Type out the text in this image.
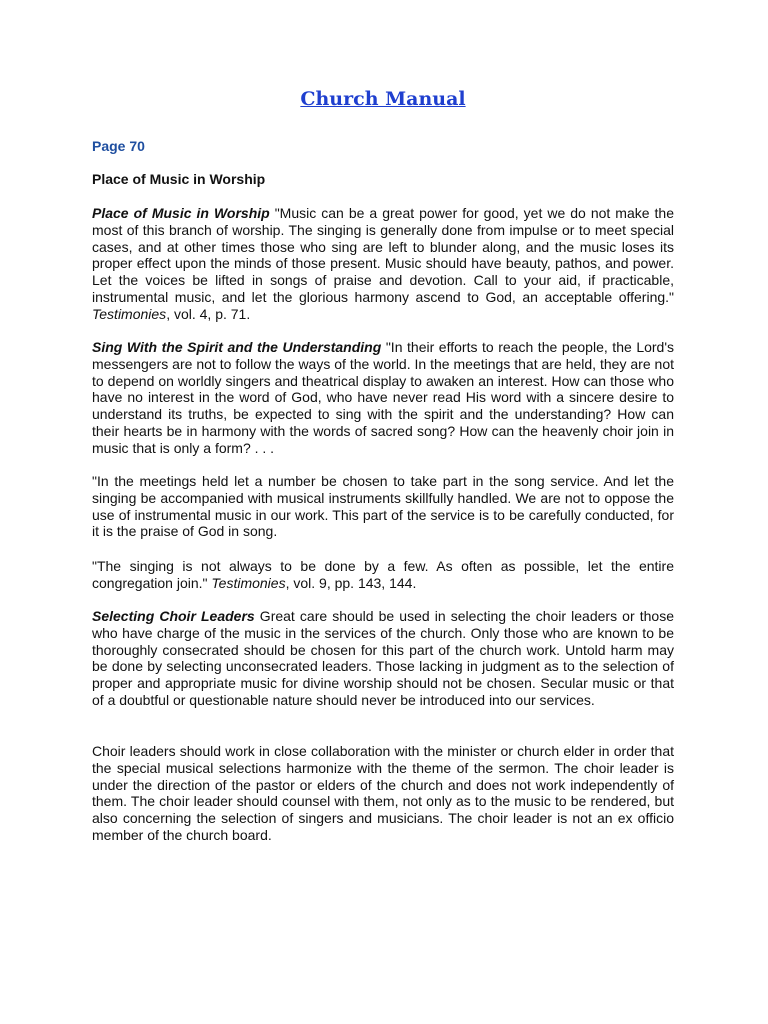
Church Manual

Page 70

Place of Music in Worship

Place of Music in Worship "Music can be a great power for good, yet we do not make the most of this branch of worship. The singing is generally done from impulse or to meet special cases, and at other times those who sing are left to blunder along, and the music loses its proper effect upon the minds of those present. Music should have beauty, pathos, and power. Let the voices be lifted in songs of praise and devotion. Call to your aid, if practicable, instrumental music, and let the glorious harmony ascend to God, an acceptable offering." Testimonies, vol. 4, p. 71.

Sing With the Spirit and the Understanding "In their efforts to reach the people, the Lord's messengers are not to follow the ways of the world. In the meetings that are held, they are not to depend on worldly singers and theatrical display to awaken an interest. How can those who have no interest in the word of God, who have never read His word with a sincere desire to understand its truths, be expected to sing with the spirit and the understanding? How can their hearts be in harmony with the words of sacred song? How can the heavenly choir join in music that is only a form? . . .

"In the meetings held let a number be chosen to take part in the song service. And let the singing be accompanied with musical instruments skillfully handled. We are not to oppose the use of instrumental music in our work. This part of the service is to be carefully conducted, for it is the praise of God in song.

"The singing is not always to be done by a few. As often as possible, let the entire congregation join." Testimonies, vol. 9, pp. 143, 144.

Selecting Choir Leaders Great care should be used in selecting the choir leaders or those who have charge of the music in the services of the church. Only those who are known to be thoroughly consecrated should be chosen for this part of the church work. Untold harm may be done by selecting unconsecrated leaders. Those lacking in judgment as to the selection of proper and appropriate music for divine worship should not be chosen. Secular music or that of a doubtful or questionable nature should never be introduced into our services.

Choir leaders should work in close collaboration with the minister or church elder in order that the special musical selections harmonize with the theme of the sermon. The choir leader is under the direction of the pastor or elders of the church and does not work independently of them. The choir leader should counsel with them, not only as to the music to be rendered, but also concerning the selection of singers and musicians. The choir leader is not an ex officio member of the church board.
